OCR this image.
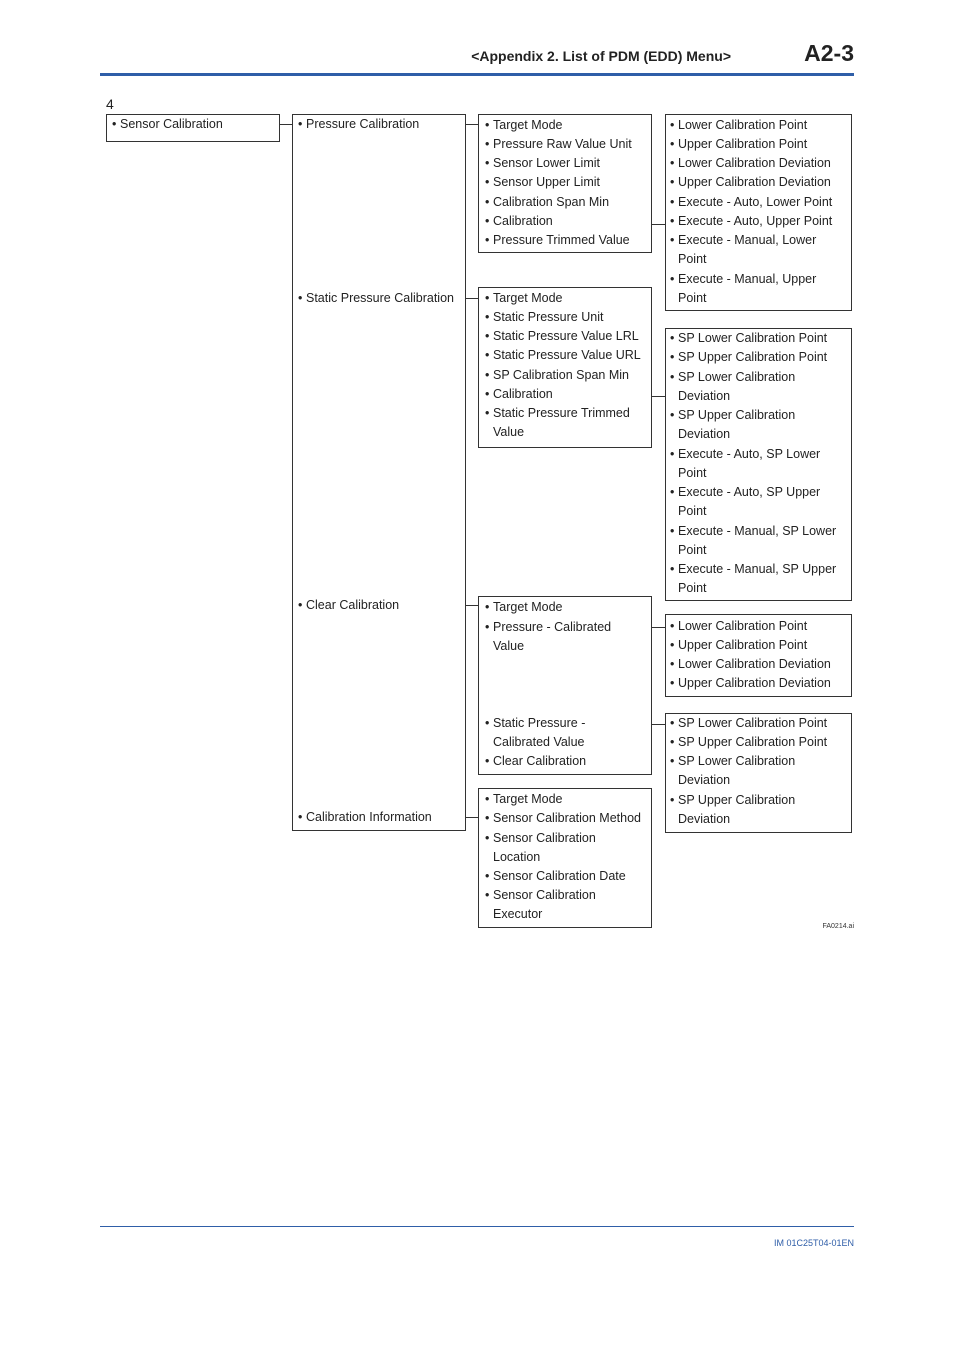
<Appendix 2. List of PDM (EDD) Menu>	A2-3
4
• Sensor Calibration	• Pressure Calibration
• Static Pressure Calibration
• Clear Calibration
• Calibration Information
• Target Mode
• Pressure Raw Value Unit
• Sensor Lower Limit
• Sensor Upper Limit
• Calibration Span Min
• Calibration
• Pressure Trimmed Value
• Lower Calibration Point
• Upper Calibration Point
• Lower Calibration Deviation
• Upper Calibration Deviation
• Execute - Auto, Lower Point
• Execute - Auto, Upper Point
• Execute - Manual, Lower
Point
• Execute - Manual, Upper
Point
• Target Mode
• Static Pressure Unit
• Static Pressure Value LRL
• Static Pressure Value URL
• SP Calibration Span Min
• Calibration
• Static Pressure Trimmed
Value
• SP Lower Calibration Point
• SP Upper Calibration Point
• SP Lower Calibration
Deviation
• SP Upper Calibration
Deviation
• Execute - Auto, SP Lower
Point
• Execute - Auto, SP Upper
Point
• Execute - Manual, SP Lower
Point
• Execute - Manual, SP Upper
Point
• Target Mode
• Pressure - Calibrated
Value
• Static Pressure -
Calibrated Value
• Clear Calibration
• Lower Calibration Point
• Upper Calibration Point
• Lower Calibration Deviation
• Upper Calibration Deviation
• SP Lower Calibration Point
• SP Upper Calibration Point
• SP Lower Calibration
Deviation
• SP Upper Calibration
Deviation
• Target Mode
• Sensor Calibration Method
• Sensor Calibration
Location
• Sensor Calibration Date
• Sensor Calibration
Executor
FA0214.ai
IM 01C25T04-01EN
